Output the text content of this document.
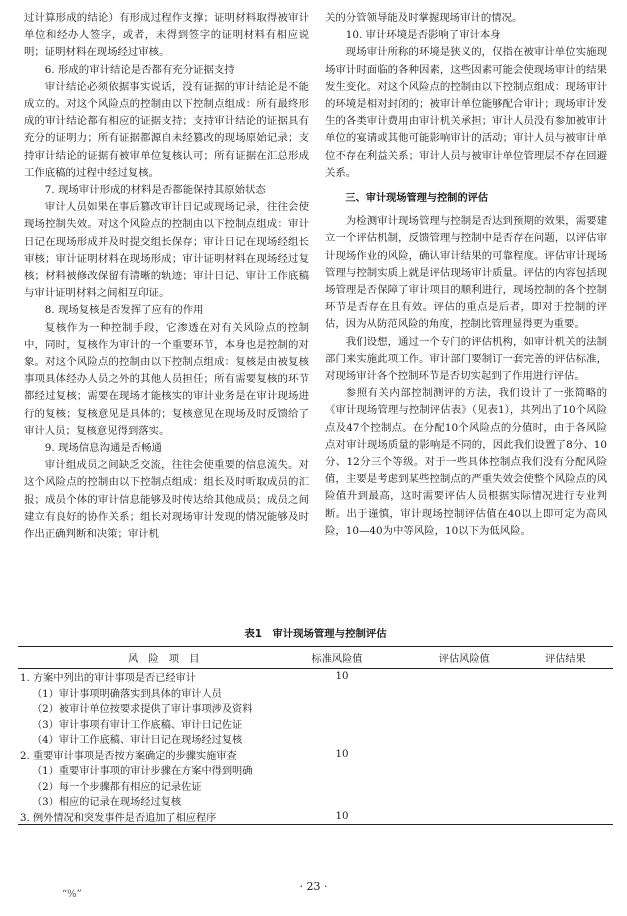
过计算形成的结论）有形成过程作支撑；证明材料取得被审计单位和经办人签字，或者，未得到签字的证明材料有相应说明；证明材料在现场经过审核。

6. 形成的审计结论是否都有充分证据支持

审计结论必须依据事实说话，没有证据的审计结论是不能成立的。对这个风险点的控制由以下控制点组成：所有最终形成的审计结论都有相应的证据支持；支持审计结论的证据具有充分的证明力；所有证据都源自未经篡改的现场原始记录；支持审计结论的证据有被审单位复核认可；所有证据在汇总形成工作底稿的过程中经过复核。

7. 现场审计形成的材料是否都能保持其原始状态

审计人员如果在事后篡改审计日记或现场记录，往往会使现场控制失效。对这个风险点的控制由以下控制点组成：审计日记在现场形成并及时提交组长保存；审计日记在现场经组长审核；审计证明材料在现场形成；审计证明材料在现场经过复核；材料被修改保留有清晰的轨迹；审计日记、审计工作底稿与审计证明材料之间相互印证。

8. 现场复核是否发挥了应有的作用

复核作为一种控制手段，它渗透在对有关风险点的控制中，同时，复核作为审计的一个重要环节，本身也是控制的对象。对这个风险点的控制由以下控制点组成：复核是由被复核事项具体经办人员之外的其他人员担任；所有需要复核的环节都经过复核；需要在现场才能核实的审计业务是在审计现场进行的复核；复核意见是具体的；复核意见在现场及时反馈给了审计人员；复核意见得到落实。

9. 现场信息沟通是否畅通

审计组成员之间缺乏交流，往往会使重要的信息流失。对这个风险点的控制由以下控制点组成：组长及时听取成员的汇报；成员个体的审计信息能够及时传达给其他成员；成员之间建立有良好的协作关系；组长对现场审计发现的情况能够及时作出正确判断和决策；审计机

关的分管领导能及时掌握现场审计的情况。

10. 审计环境是否影响了审计本身

现场审计所称的环境是狭义的，仅指在被审计单位实施现场审计时面临的各种因素，这些因素可能会使现场审计的结果发生变化。对这个风险点的控制由以下控制点组成：现场审计的环境是相对封闭的；被审计单位能够配合审计；现场审计发生的各类审计费用由审计机关承担；审计人员没有参加被审计单位的宴请或其他可能影响审计的活动；审计人员与被审计单位不存在利益关系；审计人员与被审计单位管理层不存在回避关系。

三、审计现场管理与控制的评估

为检测审计现场管理与控制是否达到预期的效果，需要建立一个评估机制，反馈管理与控制中是否存在问题，以评估审计现场作业的风险，确认审计结果的可靠程度。评估审计现场管理与控制实质上就是评估现场审计质量。评估的内容包括现场管理是否保障了审计项目的顺利进行，现场控制的各个控制环节是否存在且有效。评估的重点是后者，即对于控制的评估，因为从防范风险的角度，控制比管理显得更为重要。

我们设想，通过一个专门的评估机构，如审计机关的法制部门来实施此项工作。审计部门要制订一套完善的评估标准，对现场审计各个控制环节是否切实起到了作用进行评估。

参照有关内部控制测评的方法，我们设计了一张简略的《审计现场管理与控制评估表》（见表1），共列出了10个风险点及47个控制点。在分配10个风险点的分值时，由于各风险点对审计现场质量的影响是不同的，因此我们设置了8分、10分、12分三个等级。对于一些具体控制点我们没有分配风险值，主要是考虑到某些控制点的严重失效会使整个风险点的风险值升到最高，这时需要评估人员根据实际情况进行专业判断。出于谨慎，审计现场控制评估值在40以上即可定为高风险，10—40为中等风险，10以下为低风险。

表1　审计现场管理与控制评估
风　险　项　目	标准风险值	评估风险值	评估结果
1. 方案中列出的审计事项是否已经审计	10		
（1）审计事项明确落实到具体的审计人员			
（2）被审计单位按要求提供了审计事项涉及资料			
（3）审计事项有审计工作底稿、审计日记佐证			
（4）审计工作底稿、审计日记在现场经过复核			
2. 重要审计事项是否按方案确定的步骤实施审查	10		
（1）重要审计事项的审计步骤在方案中得到明确			
（2）每一个步骤都有相应的记录佐证			
（3）相应的记录在现场经过复核			
3. 例外情况和突发事件是否追加了相应程序	10		
· 23 ·
“%”
